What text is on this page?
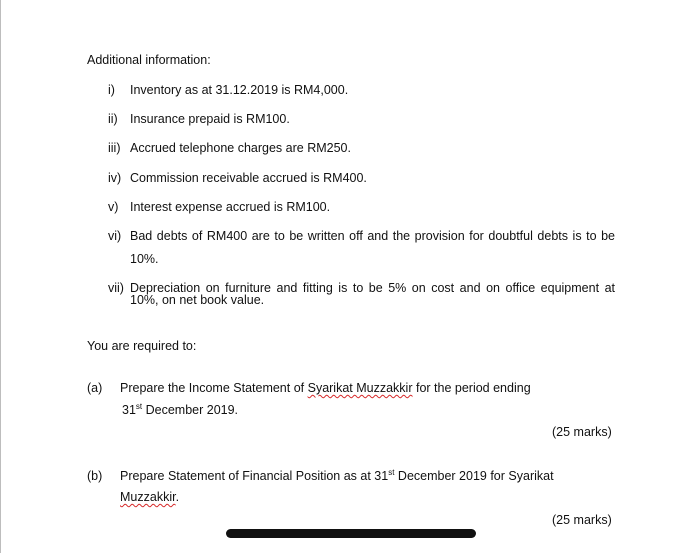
Additional information:
i) Inventory as at 31.12.2019 is RM4,000.
ii) Insurance prepaid is RM100.
iii) Accrued telephone charges are RM250.
iv) Commission receivable accrued is RM400.
v) Interest expense accrued is RM100.
vi) Bad debts of RM400 are to be written off and the provision for doubtful debts is to be
10%.
vii) Depreciation on furniture and fitting is to be 5% on cost and on office equipment at
10%, on net book value.
You are required to:
(a) Prepare the Income Statement of Syarikat Muzzakkir for the period ending
31st December 2019.
(25 marks)
(b) Prepare Statement of Financial Position as at 31st December 2019 for Syarikat
Muzzakkir.
(25 marks)
